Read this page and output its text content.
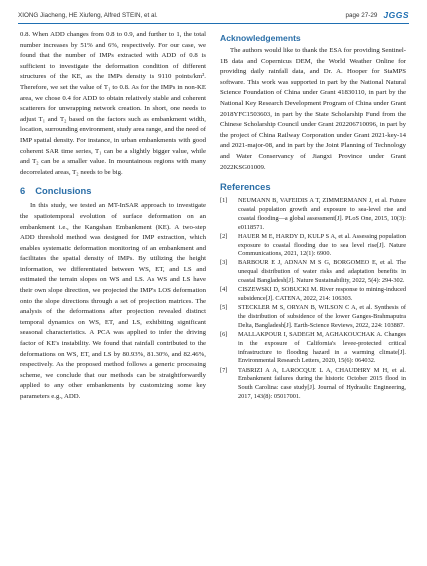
XIONG Jiacheng, HE Xiufeng, Alfred STEIN, et al.	page 27-29 JGGS

0.8. When ADD changes from 0.8 to 0.9, and further to 1, the total number increases by 51% and 6%, respectively. For our case, we found that the number of IMPs extracted with ADD of 0.8 is sufficient to investigate the deformation condition of different structures of the KE, as the IMPs density is 9110 points/km². Therefore, we set the value of T₁ to 0.8. As for the IMPs in non-KE area, we chose 0.4 for ADD to obtain relatively stable and coherent scatterers for unwrapping network creation. In short, one needs to adjust T₁ and T₂ based on the factors such as embankment width, location, surrounding environment, study area range, and the need of IMP spatial density. For instance, in urban embankments with good coherent SAR time series, T₁ can be a slightly bigger value, while and T₂ can be a smaller value. In mountainous regions with many decorrelated areas, T₂ needs to be big.

6 Conclusions

In this study, we tested an MT-InSAR approach to investigate the spatiotemporal evolution of surface deformation on an embankment i.e., the Kangshan Embankment (KE). A two-step ADD threshold method was designed for IMP extraction, which enables systematic deformation monitoring of an embankment and facilitates the spatial density of IMPs. By utilizing the height information, we differentiated between WS, ET, and LS and estimated the terrain slopes on WS and LS. As WS and LS have their own slope direction, we projected the IMP's LOS deformation onto the slope directions through a set of projection matrices. The analysis of the deformations after projection revealed distinct temporal dynamics on WS, ET, and LS, exhibiting significant seasonal characteristics. A PCA was applied to infer the driving factor of KE's instability. We found that rainfall contributed to the deformations on WS, ET, and LS by 80.93%, 81.30%, and 82.46%, respectively. As the proposed method follows a generic processing scheme, we conclude that our methods can be straightforwardly applied to any other embankments by customizing some key parameters e.g., ADD.

Acknowledgements

The authors would like to thank the ESA for providing Sentinel-1B data and Copernicus DEM, the World Weather Online for providing daily rainfall data, and Dr. A. Hooper for StaMPS software. This work was supported in part by the National Natural Science Foundation of China under Grant 41830110, in part by the National Key Research Development Program of China under Grant 2018YFC1503603, in part by the State Scholarship Fund from the Chinese Scholarship Council under Grant 202206710096, in part by the project of China Railway Corporation under Grant 2021-key-14 and 2021-major-08, and in part by the Joint Planning of Technology and Water Conservancy of Jiangxi Province under Grant 2022KSG01009.

References
[1]	NEUMANN B, VAFEIDIS A T, ZIMMERMANN J, et al. Future coastal population growth and exposure to sea-level rise and coastal flooding—a global assessment[J]. PLoS One, 2015, 10(3): e0118571.
[2]	HAUER M E, HARDY D, KULP S A, et al. Assessing population exposure to coastal flooding due to sea level rise[J]. Nature Communications, 2021, 12(1): 6900.
[3]	BARBOUR E J, ADNAN M S G, BORGOMEO E, et al. The unequal distribution of water risks and adaptation benefits in coastal Bangladesh[J]. Nature Sustainability, 2022, 5(4): 294-302.
[4]	CISZEWSKI D, SOBUCKI M. River response to mining-induced subsidence[J]. CATENA, 2022, 214: 106303.
[5]	STECKLER M S, ORYAN B, WILSON C A, et al. Synthesis of the distribution of subsidence of the lower Ganges-Brahmaputra Delta, Bangladesh[J]. Earth-Science Reviews, 2022, 224: 103887.
[6]	MALLAKPOUR I, SADEGH M, AGHAKOUCHAK A. Changes in the exposure of California's levee-protected critical infrastructure to flooding hazard in a warming climate[J]. Environmental Research Letters, 2020, 15(6): 064032.
[7]	TABRIZI A A, LAROCQUE L A, CHAUDHRY M H, et al. Embankment failures during the historic October 2015 flood in South Carolina: case study[J]. Journal of Hydraulic Engineering, 2017, 143(8): 05017001.
